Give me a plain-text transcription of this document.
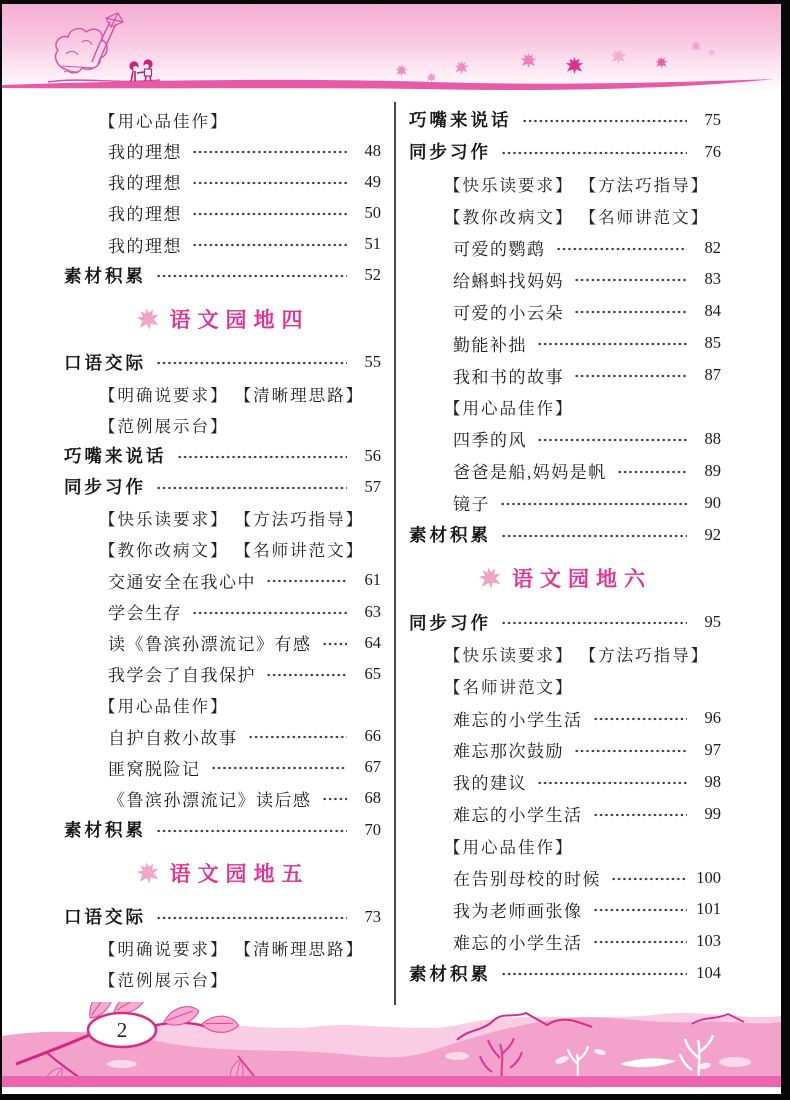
【用心品佳作】
我的理想	48
我的理想	49
我的理想	50
我的理想	51
素材积累	52
语文园地四
口语交际	55
【明确说要求】 【清晰理思路】
【范例展示台】
巧嘴来说话	56
同步习作	57
【快乐读要求】 【方法巧指导】
【教你改病文】 【名师讲范文】
交通安全在我心中	61
学会生存	63
读《鲁滨孙漂流记》有感	64
我学会了自我保护	65
【用心品佳作】
自护自救小故事	66
匪窝脱险记	67
《鲁滨孙漂流记》读后感	68
素材积累	70
语文园地五
口语交际	73
【明确说要求】 【清晰理思路】
【范例展示台】
巧嘴来说话	75
同步习作	76
【快乐读要求】 【方法巧指导】
【教你改病文】 【名师讲范文】
可爱的鹦鹉	82
给蝌蚪找妈妈	83
可爱的小云朵	84
勤能补拙	85
我和书的故事	87
【用心品佳作】
四季的风	88
爸爸是船,妈妈是帆	89
镜子	90
素材积累	92
语文园地六
同步习作	95
【快乐读要求】 【方法巧指导】
【名师讲范文】
难忘的小学生活	96
难忘那次鼓励	97
我的建议	98
难忘的小学生活	99
【用心品佳作】
在告别母校的时候	100
我为老师画张像	101
难忘的小学生活	103
素材积累	104
2
